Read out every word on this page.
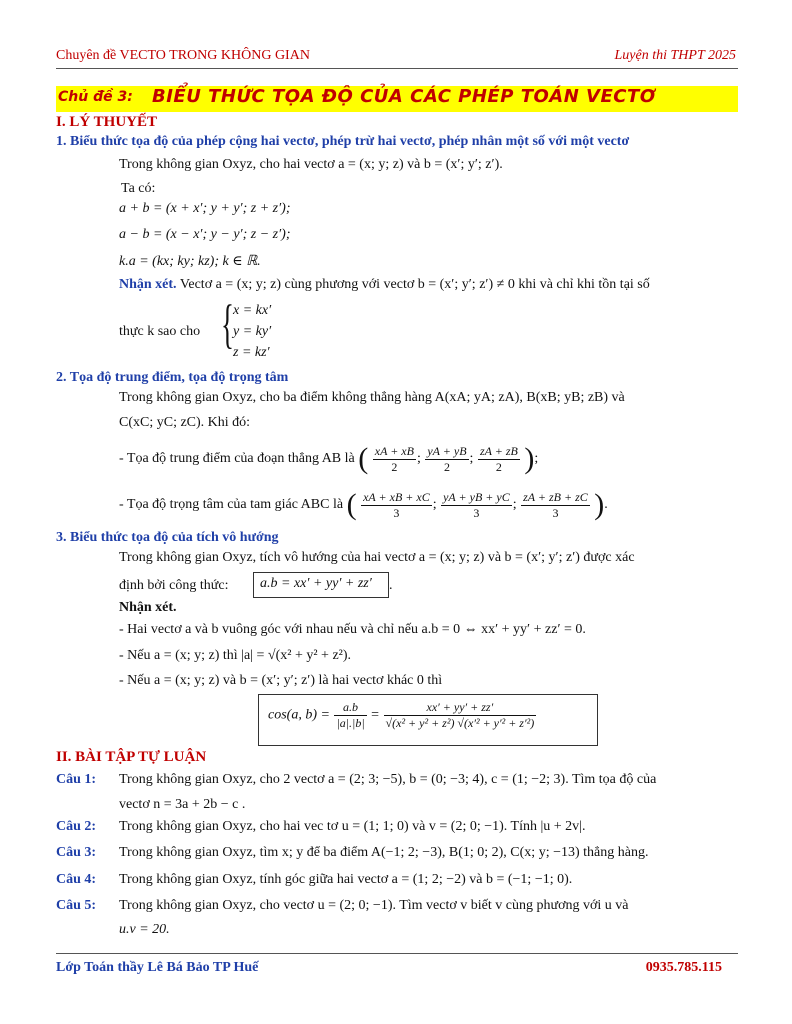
Chuyên đề VECTO TRONG KHÔNG GIAN	Luyện thi THPT 2025
Chủ đề 3: BIỂU THỨC TỌA ĐỘ CỦA CÁC PHÉP TOÁN VECTƠ
I. LÝ THUYẾT
1. Biểu thức tọa độ của phép cộng hai vectơ, phép trừ hai vectơ, phép nhân một số với một vectơ
Trong không gian Oxyz, cho hai vectơ a = (x; y; z) và b = (x′; y′; z′).
Ta có:
a + b = (x + x′; y + y′; z + z′);
a − b = (x − x′; y − y′; z − z′);
k.a = (kx; ky; kz); k ∈ ℝ.
Nhận xét. Vectơ a = (x; y; z) cùng phương với vectơ b = (x′; y′; z′) ≠ 0 khi và chỉ khi tồn tại số
thực k sao cho { x = kx′
y = ky′
z = kz′
2. Tọa độ trung điểm, tọa độ trọng tâm
Trong không gian Oxyz, cho ba điểm không thẳng hàng A(xA; yA; zA), B(xB; yB; zB) và
C(xC; yC; zC). Khi đó:
- Tọa độ trung điểm của đoạn thẳng AB là ( $\frac{xA + xB}{2}$ ; $\frac{yA + yB}{2}$ ; $\frac{zA + zB}{2}$ );
- Tọa độ trọng tâm của tam giác ABC là ( $\frac{xA + xB + xC}{3}$ ; $\frac{yA + yB + yC}{3}$ ; $\frac{zA + zB + zC}{3}$ ).
3. Biểu thức tọa độ của tích vô hướng
Trong không gian Oxyz, tích vô hướng của hai vectơ a = (x; y; z) và b = (x′; y′; z′) được xác
định bởi công thức: a.b = xx′ + yy′ + zz′ .
Nhận xét.
- Hai vectơ a và b vuông góc với nhau nếu và chỉ nếu a.b = 0 ⇔ xx′ + yy′ + zz′ = 0.
- Nếu a = (x; y; z) thì |a| = √(x² + y² + z²).
- Nếu a = (x; y; z) và b = (x′; y′; z′) là hai vectơ khác 0 thì
cos(a, $b) = \frac{a.b}{|a|.|b|} = \frac{xx' + yy' + zz'}{\text{√(x² + y² + z²) √(x′² + y′² + z′²)}}$
II. BÀI TẬP TỰ LUẬN
Câu 1: Trong không gian Oxyz, cho 2 vectơ a = (2; 3; −5), b = (0; −3; 4), c = (1; −2; 3). Tìm tọa độ của
vectơ n = 3a + 2b − c .
Câu 2: Trong không gian Oxyz, cho hai vec tơ u = (1; 1; 0) và v = (2; 0; −1). Tính |u + 2v|.
Câu 3: Trong không gian Oxyz, tìm x; y để ba điểm A(−1; 2; −3), B(1; 0; 2), C(x; y; −13) thẳng hàng.
Câu 4: Trong không gian Oxyz, tính góc giữa hai vectơ a = (1; 2; −2) và b = (−1; −1; 0).
Câu 5: Trong không gian Oxyz, cho vectơ u = (2; 0; −1). Tìm vectơ v biết v cùng phương với u và
u.v = 20.
Lớp Toán thầy Lê Bá Bảo TP Huế	0935.785.115
